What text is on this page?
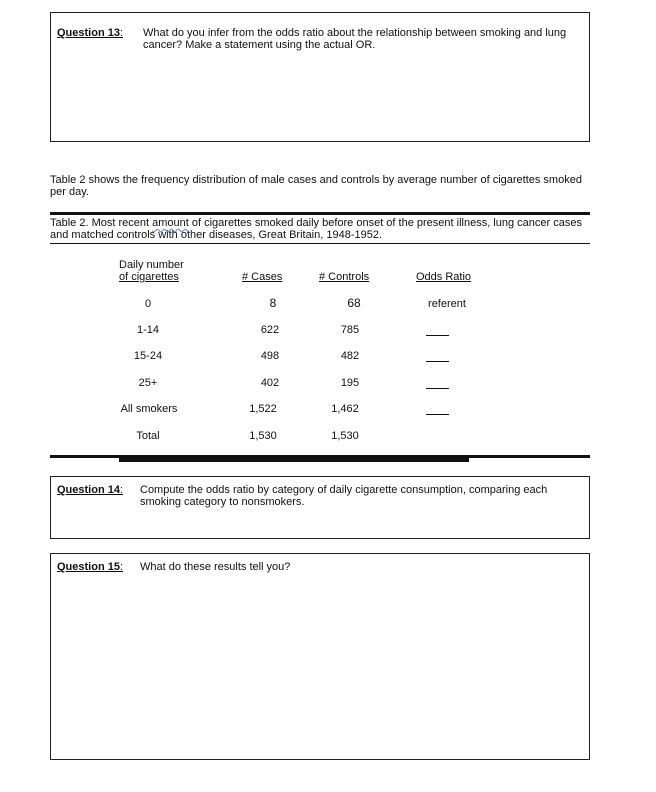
Question 13: What do you infer from the odds ratio about the relationship between smoking and lung cancer? Make a statement using the actual OR.
Table 2 shows the frequency distribution of male cases and controls by average number of cigarettes smoked per day.
Table 2. Most recent amount of cigarettes smoked daily before onset of the present illness, lung cancer cases and matched controls with other diseases, Great Britain, 1948-1952.
Daily number
of cigarettes	# Cases	# Controls	Odds Ratio
0	8	68	referent
1-14	622	785
15-24	498	482
25+	402	195
All smokers	1,522	1,462
Total	1,530	1,530
Question 14: Compute the odds ratio by category of daily cigarette consumption, comparing each smoking category to nonsmokers.
Question 15: What do these results tell you?
